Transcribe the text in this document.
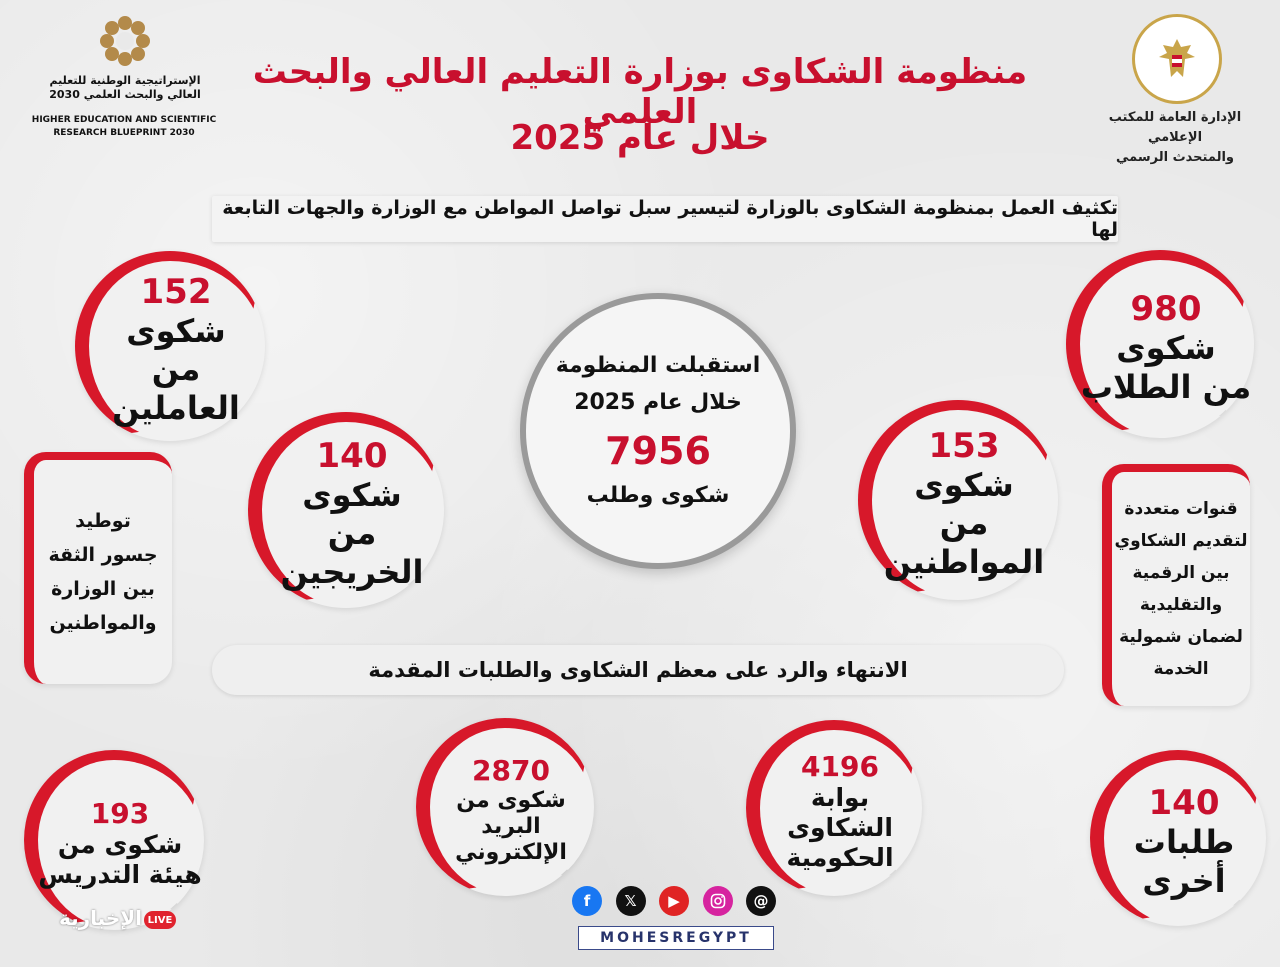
منظومة الشكاوى بوزارة التعليم العالي والبحث العلمي
خلال عام 2025
الإستراتيجية الوطنية للتعليم العالي والبحث العلمي 2030
HIGHER EDUCATION AND SCIENTIFIC RESEARCH BLUEPRINT 2030
الإدارة العامة للمكتب الإعلامي
والمتحدث الرسمي
تكثيف العمل بمنظومة الشكاوى بالوزارة لتيسير سبل تواصل المواطن مع الوزارة والجهات التابعة لها
152
شكوى
من العاملين
980
شكوى
من الطلاب
140
شكوى
من الخريجين
153
شكوى
من المواطنين
استقبلت المنظومة
خلال عام 2025
7956
شكوى وطلب
توطيد
جسور الثقة
بين الوزارة
والمواطنين
قنوات متعددة
لتقديم الشكاوي
بين الرقمية
والتقليدية
لضمان شمولية
الخدمة
الانتهاء والرد على معظم الشكاوى والطلبات المقدمة
193
شكوى من
هيئة التدريس
2870
شكوى من
البريد الإلكتروني
4196
بوابة الشكاوى
الحكومية
140
طلبات أخرى
f	𝕏	▶	@
MOHESREGYPT
الإخبارية LIVE
